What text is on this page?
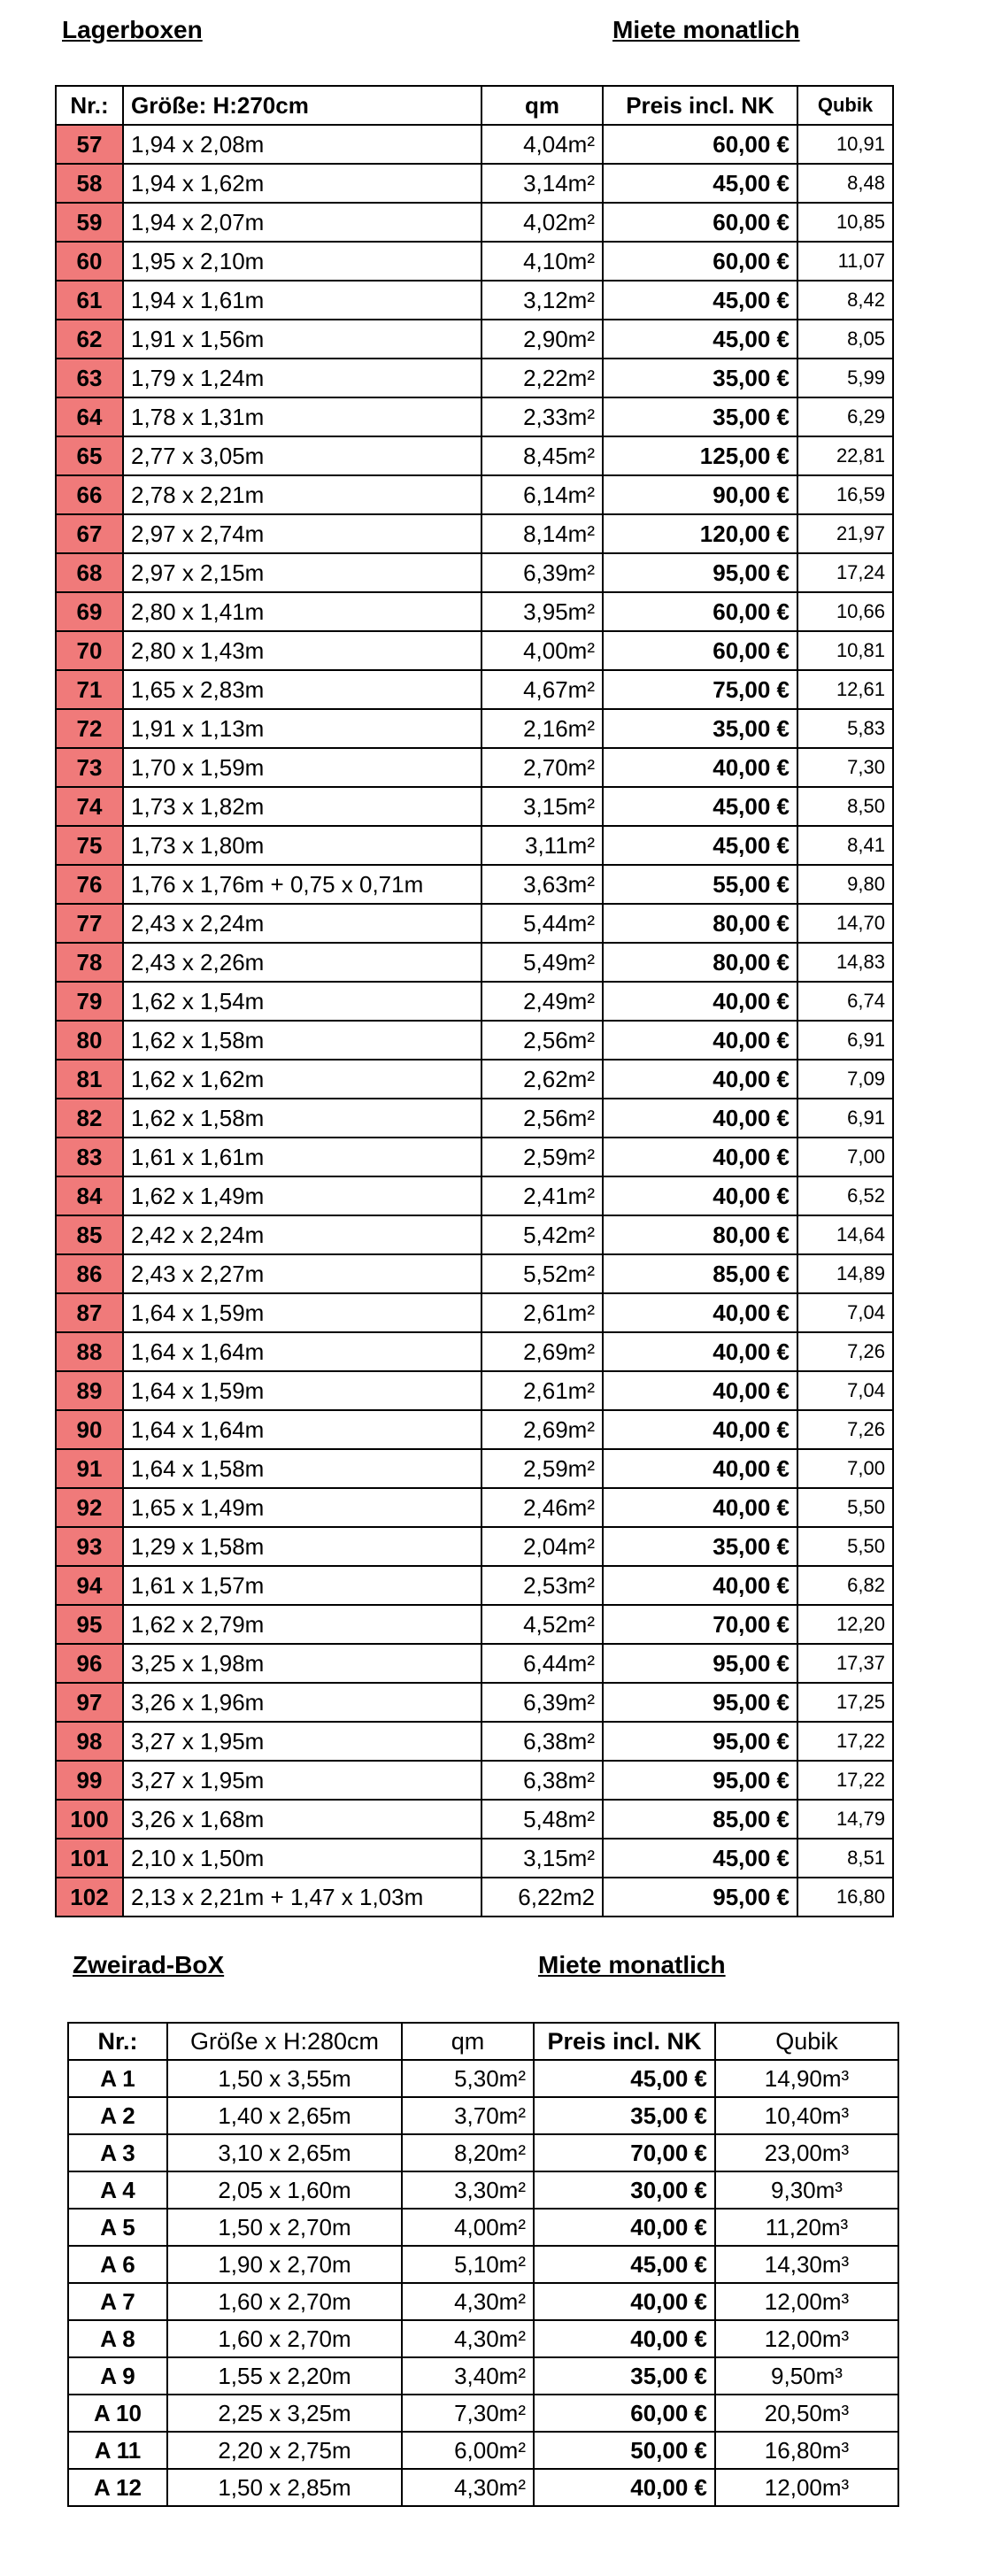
Lagerboxen	Miete monatlich
Nr.:	Größe: H:270cm	qm	Preis incl. NK	Qubik
57	1,94 x 2,08m	4,04m²	60,00 €	10,91
58	1,94 x 1,62m	3,14m²	45,00 €	8,48
59	1,94 x 2,07m	4,02m²	60,00 €	10,85
60	1,95 x 2,10m	4,10m²	60,00 €	11,07
61	1,94 x 1,61m	3,12m²	45,00 €	8,42
62	1,91 x 1,56m	2,90m²	45,00 €	8,05
63	1,79 x 1,24m	2,22m²	35,00 €	5,99
64	1,78 x 1,31m	2,33m²	35,00 €	6,29
65	2,77 x 3,05m	8,45m²	125,00 €	22,81
66	2,78 x 2,21m	6,14m²	90,00 €	16,59
67	2,97 x 2,74m	8,14m²	120,00 €	21,97
68	2,97 x 2,15m	6,39m²	95,00 €	17,24
69	2,80 x 1,41m	3,95m²	60,00 €	10,66
70	2,80 x 1,43m	4,00m²	60,00 €	10,81
71	1,65 x 2,83m	4,67m²	75,00 €	12,61
72	1,91 x 1,13m	2,16m²	35,00 €	5,83
73	1,70 x 1,59m	2,70m²	40,00 €	7,30
74	1,73 x 1,82m	3,15m²	45,00 €	8,50
75	1,73 x 1,80m	3,11m²	45,00 €	8,41
76	1,76 x 1,76m + 0,75 x 0,71m	3,63m²	55,00 €	9,80
77	2,43 x 2,24m	5,44m²	80,00 €	14,70
78	2,43 x 2,26m	5,49m²	80,00 €	14,83
79	1,62 x 1,54m	2,49m²	40,00 €	6,74
80	1,62 x 1,58m	2,56m²	40,00 €	6,91
81	1,62 x 1,62m	2,62m²	40,00 €	7,09
82	1,62 x 1,58m	2,56m²	40,00 €	6,91
83	1,61 x 1,61m	2,59m²	40,00 €	7,00
84	1,62 x 1,49m	2,41m²	40,00 €	6,52
85	2,42 x 2,24m	5,42m²	80,00 €	14,64
86	2,43 x 2,27m	5,52m²	85,00 €	14,89
87	1,64 x 1,59m	2,61m²	40,00 €	7,04
88	1,64 x 1,64m	2,69m²	40,00 €	7,26
89	1,64 x 1,59m	2,61m²	40,00 €	7,04
90	1,64 x 1,64m	2,69m²	40,00 €	7,26
91	1,64 x 1,58m	2,59m²	40,00 €	7,00
92	1,65 x 1,49m	2,46m²	40,00 €	5,50
93	1,29 x 1,58m	2,04m²	35,00 €	5,50
94	1,61 x 1,57m	2,53m²	40,00 €	6,82
95	1,62 x 2,79m	4,52m²	70,00 €	12,20
96	3,25 x 1,98m	6,44m²	95,00 €	17,37
97	3,26 x 1,96m	6,39m²	95,00 €	17,25
98	3,27 x 1,95m	6,38m²	95,00 €	17,22
99	3,27 x 1,95m	6,38m²	95,00 €	17,22
100	3,26 x 1,68m	5,48m²	85,00 €	14,79
101	2,10 x 1,50m	3,15m²	45,00 €	8,51
102	2,13 x 2,21m + 1,47 x 1,03m	6,22m2	95,00 €	16,80
Zweirad-BoX	Miete monatlich
Nr.:	Größe x H:280cm	qm	Preis incl. NK	Qubik
A 1	1,50 x 3,55m	5,30m²	45,00 €	14,90m³
A 2	1,40 x 2,65m	3,70m²	35,00 €	10,40m³
A 3	3,10 x 2,65m	8,20m²	70,00 €	23,00m³
A 4	2,05 x 1,60m	3,30m²	30,00 €	9,30m³
A 5	1,50 x 2,70m	4,00m²	40,00 €	11,20m³
A 6	1,90 x 2,70m	5,10m²	45,00 €	14,30m³
A 7	1,60 x 2,70m	4,30m²	40,00 €	12,00m³
A 8	1,60 x 2,70m	4,30m²	40,00 €	12,00m³
A 9	1,55 x 2,20m	3,40m²	35,00 €	9,50m³
A 10	2,25 x 3,25m	7,30m²	60,00 €	20,50m³
A 11	2,20 x 2,75m	6,00m²	50,00 €	16,80m³
A 12	1,50 x 2,85m	4,30m²	40,00 €	12,00m³
